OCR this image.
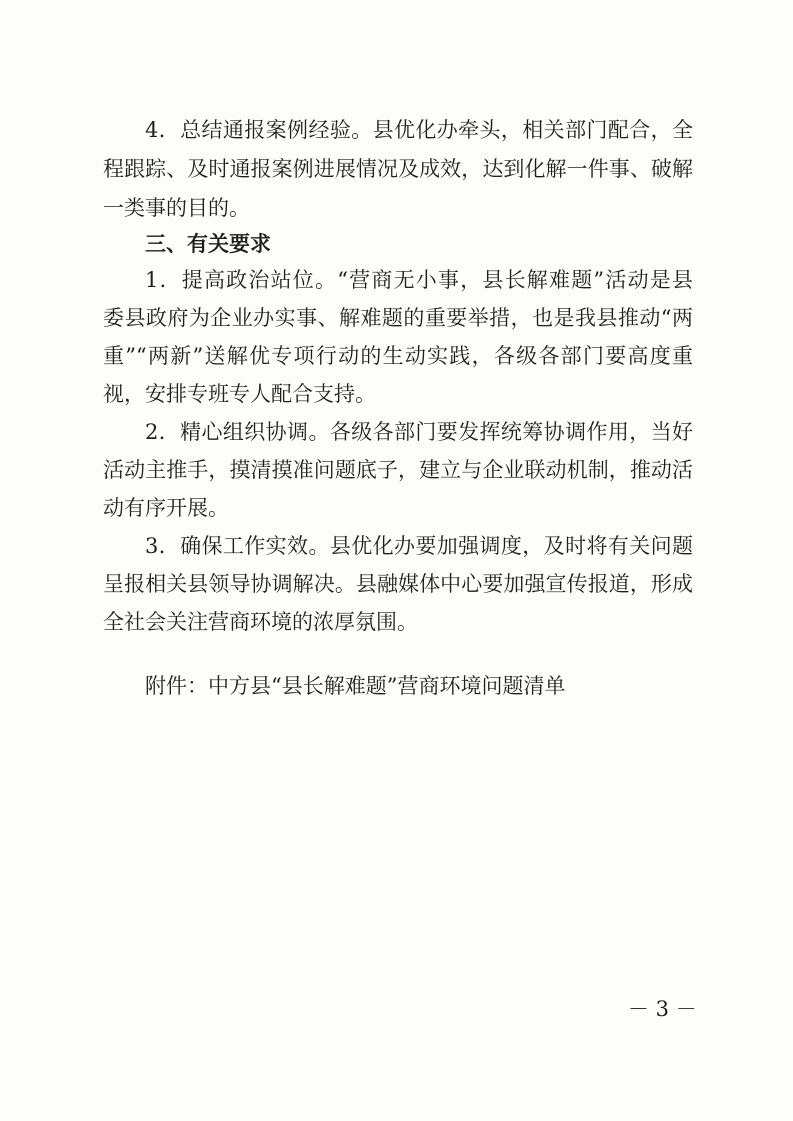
4．总结通报案例经验。县优化办牵头，相关部门配合，全
程跟踪、及时通报案例进展情况及成效，达到化解一件事、破解
一类事的目的。
三、有关要求
1．提高政治站位。“营商无小事，县长解难题”活动是县
委县政府为企业办实事、解难题的重要举措，也是我县推动“两
重”“两新”送解优专项行动的生动实践，各级各部门要高度重
视，安排专班专人配合支持。
2．精心组织协调。各级各部门要发挥统筹协调作用，当好
活动主推手，摸清摸准问题底子，建立与企业联动机制，推动活
动有序开展。
3．确保工作实效。县优化办要加强调度，及时将有关问题
呈报相关县领导协调解决。县融媒体中心要加强宣传报道，形成
全社会关注营商环境的浓厚氛围。
附件：中方县“县长解难题”营商环境问题清单
－ 3 －
